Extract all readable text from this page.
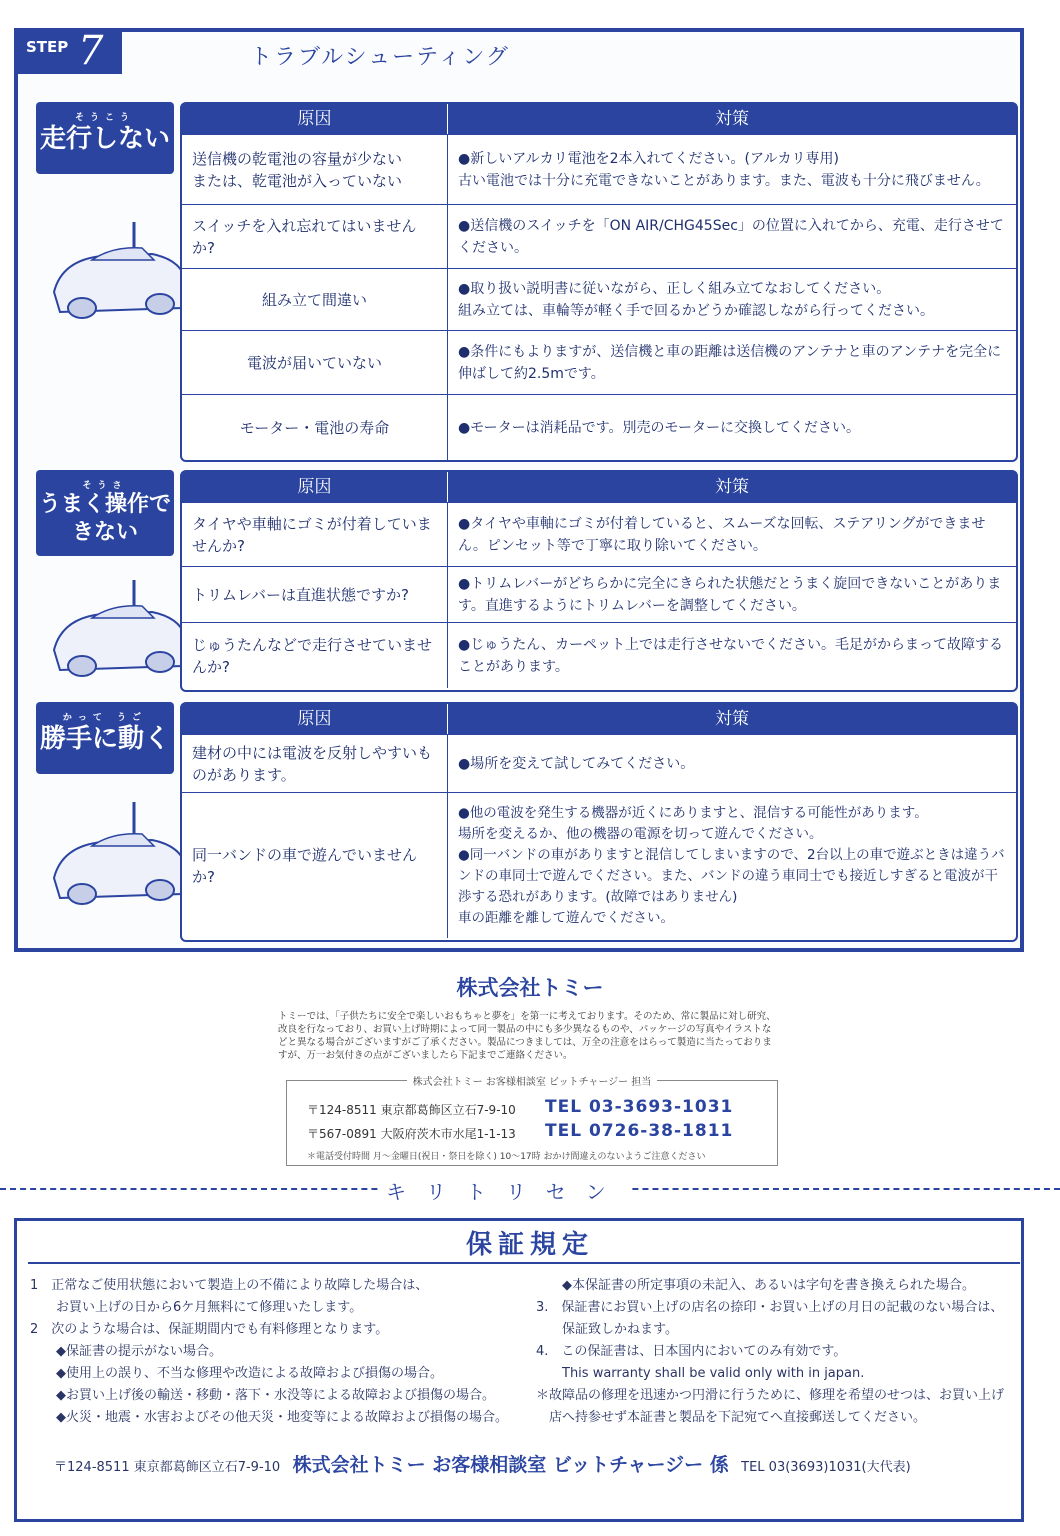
STEP 7	トラブルシューティング
そうこう
走行しない
原因	対策
送信機の乾電池の容量が少ない
または、乾電池が入っていない
●新しいアルカリ電池を2本入れてください。(アルカリ専用)
古い電池では十分に充電できないことがあります。また、電波も十分に飛びません。
スイッチを入れ忘れてはいませんか?
●送信機のスイッチを「ON AIR/CHG45Sec」の位置に入れてから、充電、走行させてください。
組み立て間違い
●取り扱い説明書に従いながら、正しく組み立てなおしてください。
組み立ては、車輪等が軽く手で回るかどうか確認しながら行ってください。
電波が届いていない
●条件にもよりますが、送信機と車の距離は送信機のアンテナと車のアンテナを完全に伸ばして約2.5mです。
モーター・電池の寿命	●モーターは消耗品です。別売のモーターに交換してください。
そうさ
うまく操作できない
原因	対策
タイヤや車軸にゴミが付着していませんか?
●タイヤや車軸にゴミが付着していると、スムーズな回転、ステアリングができません。ピンセット等で丁寧に取り除いてください。
トリムレバーは直進状態ですか?
●トリムレバーがどちらかに完全にきられた状態だとうまく旋回できないことがあります。直進するようにトリムレバーを調整してください。
じゅうたんなどで走行させていませんか?
●じゅうたん、カーペット上では走行させないでください。毛足がからまって故障することがあります。
かって うご
勝手に動く
原因	対策
建材の中には電波を反射しやすいものがあります。
●場所を変えて試してみてください。
同一バンドの車で遊んでいませんか?
●他の電波を発生する機器が近くにありますと、混信する可能性があります。
場所を変えるか、他の機器の電源を切って遊んでください。
●同一バンドの車がありますと混信してしまいますので、2台以上の車で遊ぶときは違うバンドの車同士で遊んでください。また、バンドの違う車同士でも接近しすぎると電波が干渉する恐れがあります。(故障ではありません)
車の距離を離して遊んでください。
株式会社トミー
トミーでは、「子供たちに安全で楽しいおもちゃと夢を」を第一に考えております。そのため、常に製品に対し研究、改良を行なっており、お買い上げ時期によって同一製品の中にも多少異なるものや、パッケージの写真やイラストなどと異なる場合がございますがご了承ください。製品につきましては、万全の注意をはらって製造に当たっておりますが、万一お気付きの点がございましたら下記までご連絡ください。
株式会社トミー お客様相談室 ビットチャージー 担当
〒124-8511 東京都葛飾区立石7-9-10 TEL 03-3693-1031
〒567-0891 大阪府茨木市水尾1-1-13 TEL 0726-38-1811
＊電話受付時間 月〜金曜日(祝日・祭日を除く) 10〜17時 おかけ間違えのないようご注意ください
キリトリセン
保証規定
1　正常なご使用状態において製造上の不備により故障した場合は、
　　お買い上げの日から6ケ月無料にて修理いたします。
2　次のような場合は、保証期間内でも有料修理となります。
　　◆保証書の提示がない場合。
　　◆使用上の誤り、不当な修理や改造による故障および損傷の場合。
　　◆お買い上げ後の輸送・移動・落下・水没等による故障および損傷の場合。
　　◆火災・地震・水害およびその他天災・地変等による故障および損傷の場合。
　　◆本保証書の所定事項の未記入、あるいは字句を書き換えられた場合。
3.　保証書にお買い上げの店名の捺印・お買い上げの月日の記載のない場合は、
　　保証致しかねます。
4.　この保証書は、日本国内においてのみ有効です。
　　This warranty shall be valid only with in japan.
＊故障品の修理を迅速かつ円滑に行うために、修理を希望のせつは、お買い上げ
　店へ持参せず本証書と製品を下記宛てへ直接郵送してください。
〒124-8511 東京都葛飾区立石7-9-10 株式会社トミー お客様相談室 ビットチャージー 係 TEL 03(3693)1031(大代表)
